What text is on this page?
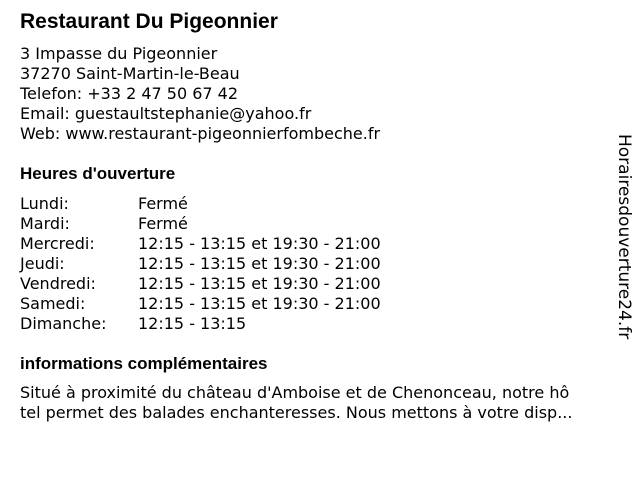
Restaurant Du Pigeonnier
3 Impasse du Pigeonnier
37270 Saint-Martin-le-Beau
Telefon: +33 2 47 50 67 42
Email: guestaultstephanie@yahoo.fr
Web: www.restaurant-pigeonnierfombeche.fr
Heures d'ouverture
Lundi:	Fermé
Mardi:	Fermé
Mercredi:	12:15 - 13:15 et 19:30 - 21:00
Jeudi:	12:15 - 13:15 et 19:30 - 21:00
Vendredi:	12:15 - 13:15 et 19:30 - 21:00
Samedi:	12:15 - 13:15 et 19:30 - 21:00
Dimanche: 12:15 - 13:15
informations complémentaires
Situé à proximité du château d'Amboise et de Chenonceau, notre hô
tel permet des balades enchanteresses. Nous mettons à votre disp...
Horairesdouverture24.fr
